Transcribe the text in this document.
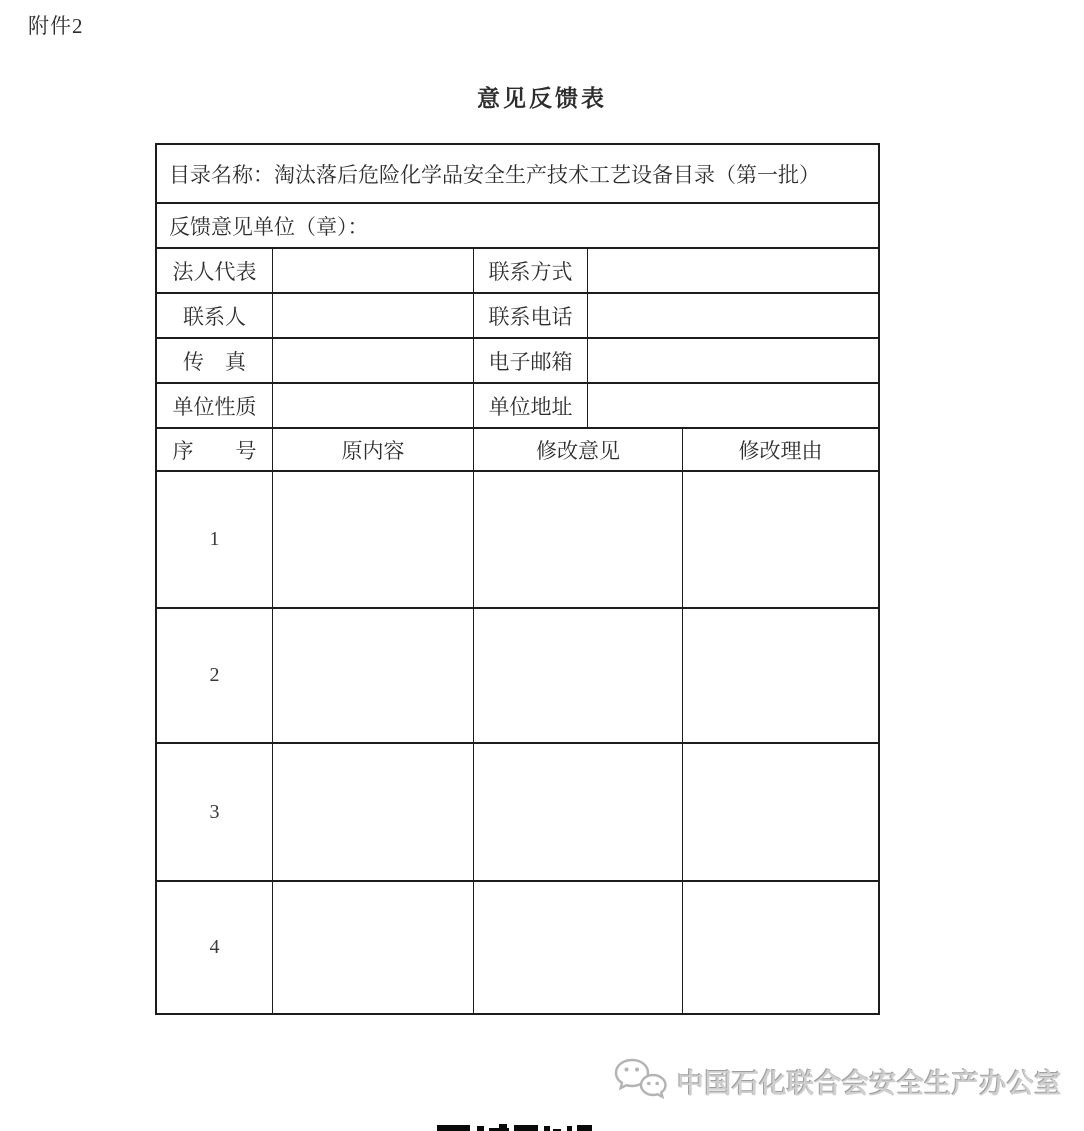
附件2
意见反馈表
目录名称：淘汰落后危险化学品安全生产技术工艺设备目录（第一批）
反馈意见单位（章）：
法人代表	联系方式
联系人	联系电话
传　真	电子邮箱
单位性质	单位地址
序　　号	原内容	修改意见	修改理由
1
2
3
4
中国石化联合会安全生产办公室
